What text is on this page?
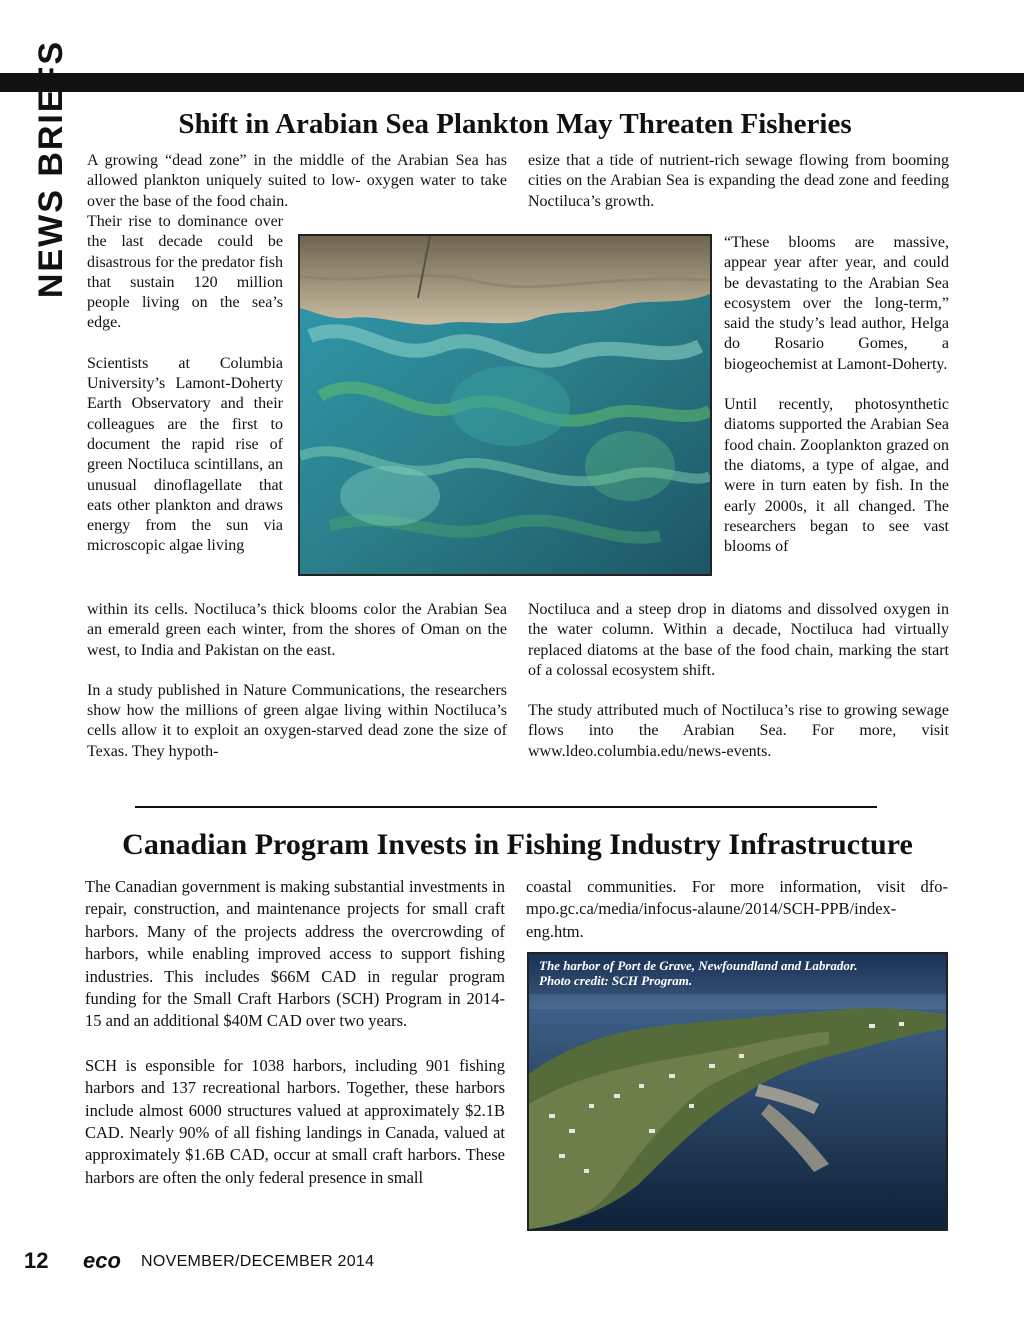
NEWS BRIEFS	Shift in Arabian Sea Plankton May Threaten Fisheries

A growing “dead zone” in the middle of the Arabian Sea has allowed plankton uniquely suited to low- oxygen water to take over the base of the food chain.

Their rise to dominance over the last decade could be disastrous for the predator fish that sustain 120 million people living on the sea’s edge.

Scientists at Columbia University’s Lamont-Doherty Earth Observatory and their colleagues are the first to document the rapid rise of green Noctiluca scintillans, an unusual dinoflagellate that eats other plankton and draws energy from the sun via microscopic algae living

within its cells. Noctiluca’s thick blooms color the Arabian Sea an emerald green each winter, from the shores of Oman on the west, to India and Pakistan on the east.

In a study published in Nature Communications, the researchers show how the millions of green algae living within Noctiluca’s cells allow it to exploit an oxygen-starved dead zone the size of Texas. They hypoth-

esize that a tide of nutrient-rich sewage flowing from booming cities on the Arabian Sea is expanding the dead zone and feeding Noctiluca’s growth.

“These blooms are massive, appear year after year, and could be devastating to the Arabian Sea ecosystem over the long-term,” said the study’s lead author, Helga do Rosario Gomes, a biogeochemist at Lamont-Doherty.

Until recently, photosynthetic diatoms supported the Arabian Sea food chain. Zooplankton grazed on the diatoms, a type of algae, and were in turn eaten by fish. In the early 2000s, it all changed. The researchers began to see vast blooms of

Noctiluca and a steep drop in diatoms and dissolved oxygen in the water column. Within a decade, Noctiluca had virtually replaced diatoms at the base of the food chain, marking the start of a colossal ecosystem shift.

The study attributed much of Noctiluca’s rise to growing sewage flows into the Arabian Sea. For more, visit www.ldeo.columbia.edu/news-events.

Canadian Program Invests in Fishing Industry Infrastructure

The Canadian government is making substantial investments in repair, construction, and maintenance projects for small craft harbors. Many of the projects address the overcrowding of harbors, while enabling improved access to support fishing industries. This includes $66M CAD in regular program funding for the Small Craft Harbors (SCH) Program in 2014-15 and an additional $40M CAD over two years.

SCH is esponsible for 1038 harbors, including 901 fishing harbors and 137 recreational harbors. Together, these harbors include almost 6000 structures valued at approximately $2.1B CAD. Nearly 90% of all fishing landings in Canada, valued at approximately $1.6B CAD, occur at small craft harbors. These harbors are often the only federal presence in small

coastal communities. For more information, visit dfo-mpo.gc.ca/media/infocus-alaune/2014/SCH-PPB/index-eng.htm.

The harbor of Port de Grave, Newfoundland and Labrador.
Photo credit: SCH Program.
12 eco NOVEMBER/DECEMBER 2014
